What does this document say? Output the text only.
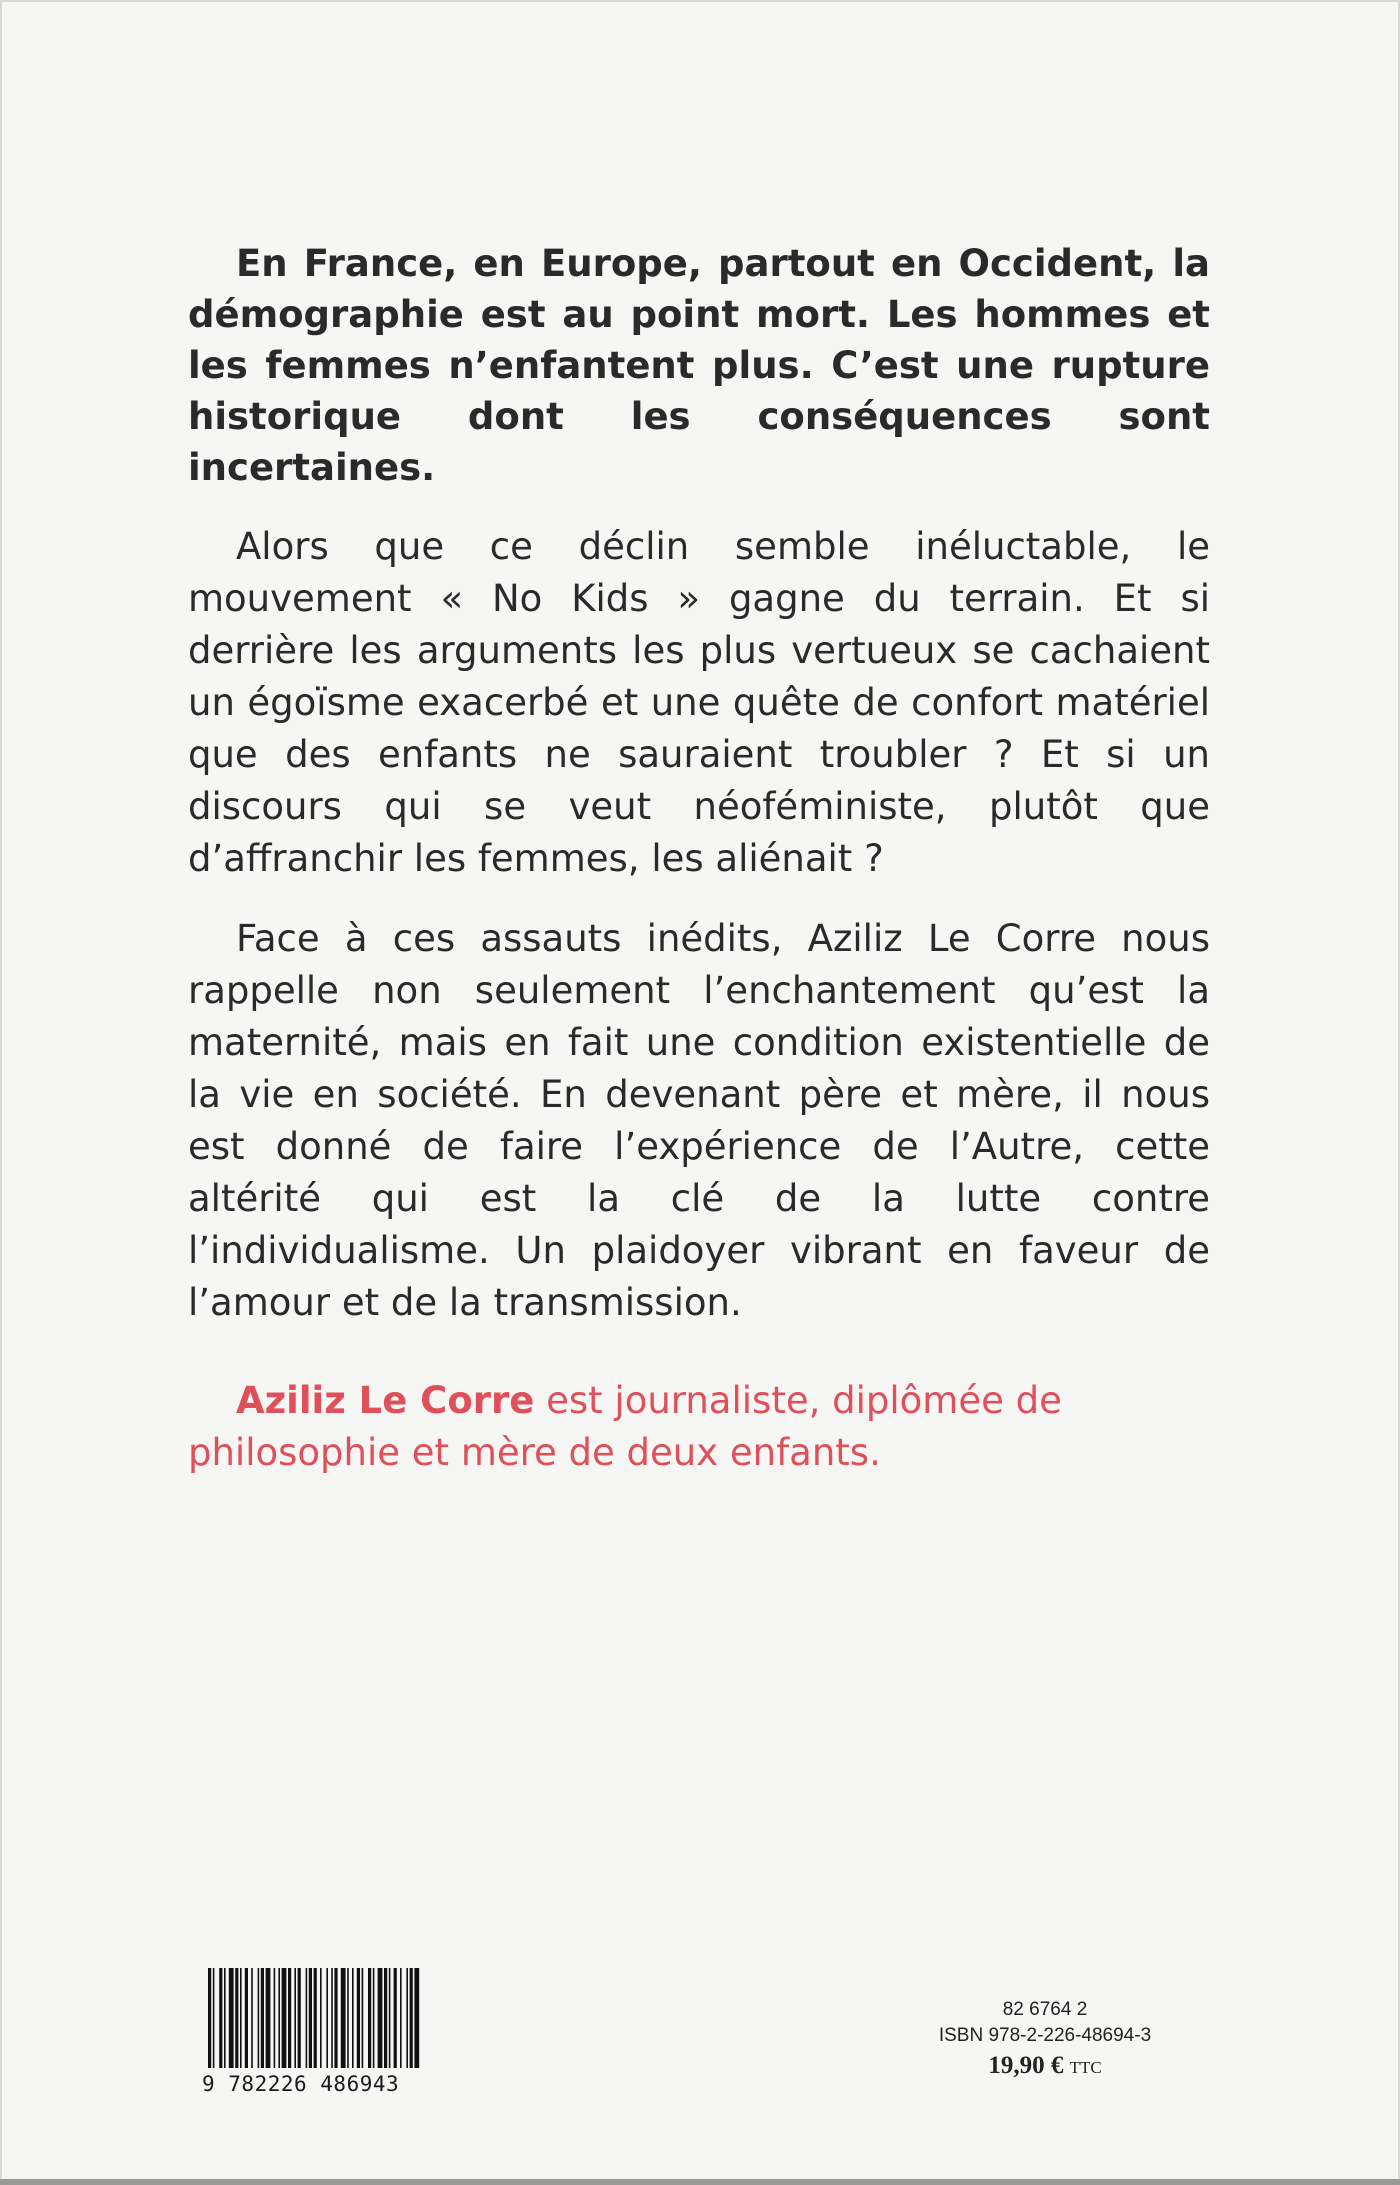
En France, en Europe, partout en Occident, la démographie est au point mort. Les hommes et les femmes n’enfantent plus. C’est une rupture historique dont les conséquences sont incertaines.

Alors que ce déclin semble inéluctable, le mouvement « No Kids » gagne du terrain. Et si derrière les arguments les plus vertueux se cachaient un égoïsme exacerbé et une quête de confort matériel que des enfants ne sauraient troubler ? Et si un discours qui se veut néoféministe, plutôt que d’affranchir les femmes, les aliénait ?

Face à ces assauts inédits, Aziliz Le Corre nous rappelle non seulement l’enchantement qu’est la maternité, mais en fait une condition existentielle de la vie en société. En devenant père et mère, il nous est donné de faire l’expérience de l’Autre, cette altérité qui est la clé de la lutte contre l’individualisme. Un plaidoyer vibrant en faveur de l’amour et de la transmission.

Aziliz Le Corre est journaliste, diplômée de philosophie et mère de deux enfants.

9 782226 486943
82 6764 2
ISBN 978-2-226-48694-3
19,90 € TTC
